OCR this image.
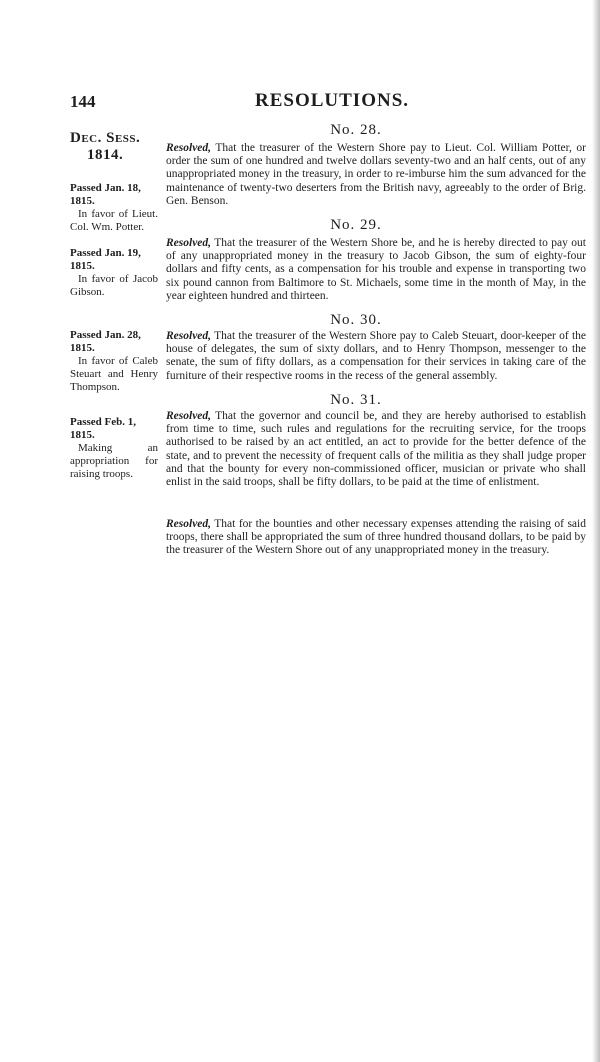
144	RESOLUTIONS.
Dec. Sess.
1814.
Passed Jan. 18, 1815.
In favor of Lieut. Col. Wm. Potter.
Passed Jan. 19, 1815.
In favor of Jacob Gibson.
Passed Jan. 28, 1815.
In favor of Caleb Steuart and Henry Thompson.
Passed Feb. 1, 1815.
Making an appropriation for raising troops.
No. 28.

Resolved, That the treasurer of the Western Shore pay to Lieut. Col. William Potter, or order the sum of one hundred and twelve dollars seventy-two and an half cents, out of any unappropriated money in the treasury, in order to re-imburse him the sum advanced for the maintenance of twenty-two deserters from the British navy, agreeably to the order of Brig. Gen. Benson.

No. 29.

Resolved, That the treasurer of the Western Shore be, and he is hereby directed to pay out of any unappropriated money in the treasury to Jacob Gibson, the sum of eighty-four dollars and fifty cents, as a compensation for his trouble and expense in transporting two six pound cannon from Baltimore to St. Michaels, some time in the month of May, in the year eighteen hundred and thirteen.

No. 30.

Resolved, That the treasurer of the Western Shore pay to Caleb Steuart, door-keeper of the house of delegates, the sum of sixty dollars, and to Henry Thompson, messenger to the senate, the sum of fifty dollars, as a compensation for their services in taking care of the furniture of their respective rooms in the recess of the general assembly.

No. 31.

Resolved, That the governor and council be, and they are hereby authorised to establish from time to time, such rules and regulations for the recruiting service, for the troops authorised to be raised by an act entitled, an act to provide for the better defence of the state, and to prevent the necessity of frequent calls of the militia as they shall judge proper and that the bounty for every non-commissioned officer, musician or private who shall enlist in the said troops, shall be fifty dollars, to be paid at the time of enlistment.

Resolved, That for the bounties and other necessary expenses attending the raising of said troops, there shall be appropriated the sum of three hundred thousand dollars, to be paid by the treasurer of the Western Shore out of any unappropriated money in the treasury.
